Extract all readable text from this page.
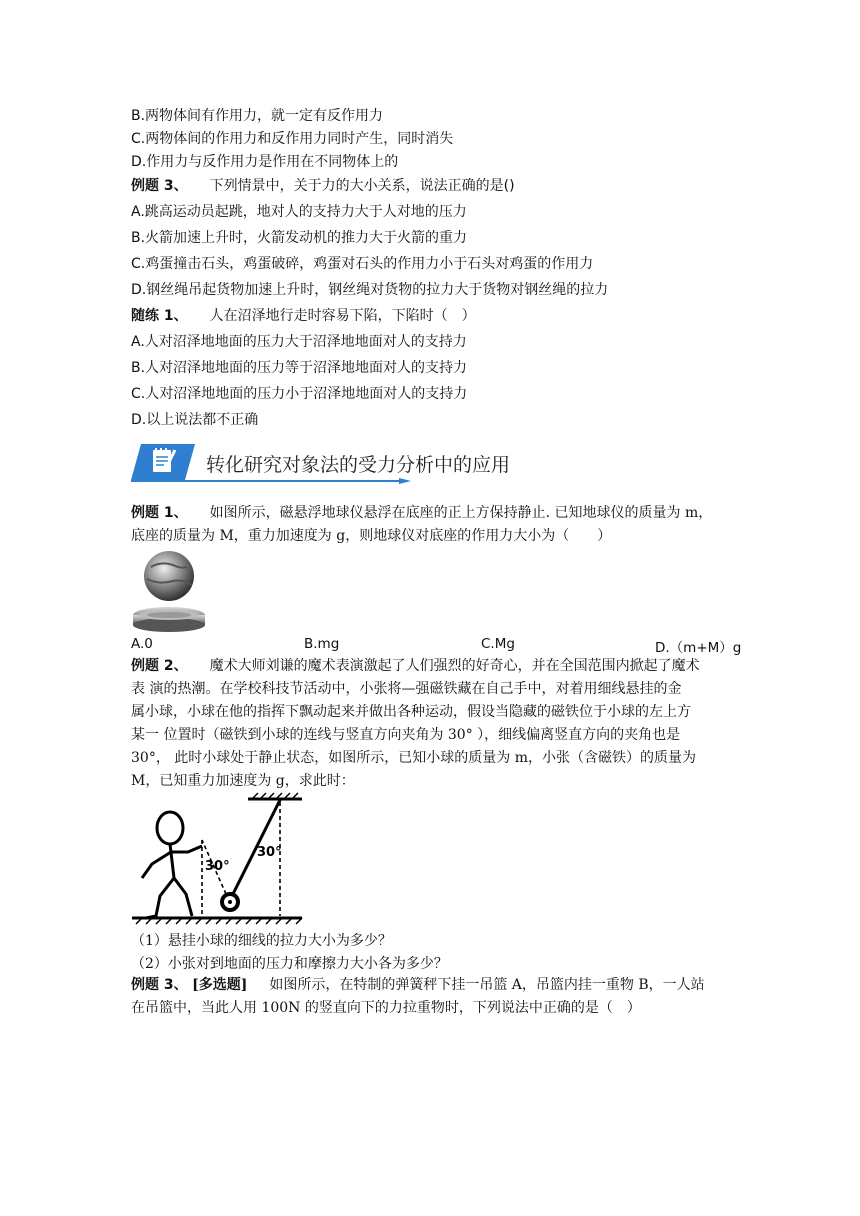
B.两物体间有作用力，就一定有反作用力
C.两物体间的作用力和反作用力同时产生，同时消失
D.作用力与反作用力是作用在不同物体上的
例题 3、 下列情景中，关于力的大小关系，说法正确的是()
A.跳高运动员起跳，地对人的支持力大于人对地的压力
B.火箭加速上升时，火箭发动机的推力大于火箭的重力
C.鸡蛋撞击石头，鸡蛋破碎，鸡蛋对石头的作用力小于石头对鸡蛋的作用力
D.钢丝绳吊起货物加速上升时，钢丝绳对货物的拉力大于货物对钢丝绳的拉力
随练 1、 人在沼泽地行走时容易下陷，下陷时（　）
A.人对沼泽地地面的压力大于沼泽地地面对人的支持力
B.人对沼泽地地面的压力等于沼泽地地面对人的支持力
C.人对沼泽地地面的压力小于沼泽地地面对人的支持力
D.以上说法都不正确
转化研究对象法的受力分析中的应用
例题 1、 如图所示，磁悬浮地球仪悬浮在底座的正上方保持静止. 已知地球仪的质量为 m，
底座的质量为 M，重力加速度为 g，则地球仪对底座的作用力大小为（　　）
A.0	B.mg	C.Mg	D.（m+M）g
例题 2、 魔术大师刘谦的魔术表演激起了人们强烈的好奇心，并在全国范围内掀起了魔术
表 演的热潮。在学校科技节活动中，小张将—强磁铁藏在自己手中，对着用细线悬挂的金
属小球，小球在他的指挥下飘动起来并做出各种运动，假设当隐藏的磁铁位于小球的左上方
某一 位置时（磁铁到小球的连线与竖直方向夹角为 30° ），细线偏离竖直方向的夹角也是
30°， 此时小球处于静止状态，如图所示，已知小球的质量为 m，小张（含磁铁）的质量为
M，已知重力加速度为 g，求此时：
30°
30°
（1）悬挂小球的细线的拉力大小为多少？
（2）小张对到地面的压力和摩擦力大小各为多少？
例题 3、 [多选题] 如图所示，在特制的弹簧秤下挂一吊篮 A，吊篮内挂一重物 B，一人站
在吊篮中，当此人用 100N 的竖直向下的力拉重物时，下列说法中正确的是（　）
